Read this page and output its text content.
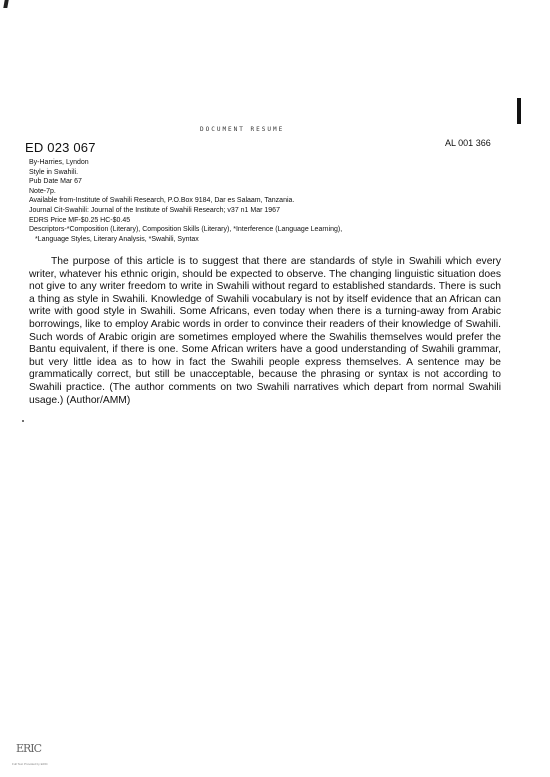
DOCUMENT RESUME
ED 023 067	AL 001 366
By-Harries, Lyndon
Style in Swahili.
Pub Date Mar 67
Note-7p.
Available from-Institute of Swahili Research, P.O.Box 9184, Dar es Salaam, Tanzania.
Journal Cit-Swahili: Journal of the Institute of Swahili Research; v37 n1 Mar 1967
EDRS Price MF-$0.25 HC-$0.45
Descriptors-*Composition (Literary), Composition Skills (Literary), *Interference (Language Learning),
*Language Styles, Literary Analysis, *Swahili, Syntax

The purpose of this article is to suggest that there are standards of style in Swahili which every writer, whatever his ethnic origin, should be expected to observe. The changing linguistic situation does not give to any writer freedom to write in Swahili without regard to established standards. There is such a thing as style in Swahili. Knowledge of Swahili vocabulary is not by itself evidence that an African can write with good style in Swahili. Some Africans, even today when there is a turning-away from Arabic borrowings, like to employ Arabic words in order to convince their readers of their knowledge of Swahili. Such words of Arabic origin are sometimes employed where the Swahilis themselves would prefer the Bantu equivalent, if there is one. Some African writers have a good understanding of Swahili grammar, but very little idea as to how in fact the Swahili people express themselves. A sentence may be grammatically correct, but still be unacceptable, because the phrasing or syntax is not according to Swahili practice. (The author comments on two Swahili narratives which depart from normal Swahili usage.) (Author/AMM)

ERIC
Full Text Provided by ERIC
